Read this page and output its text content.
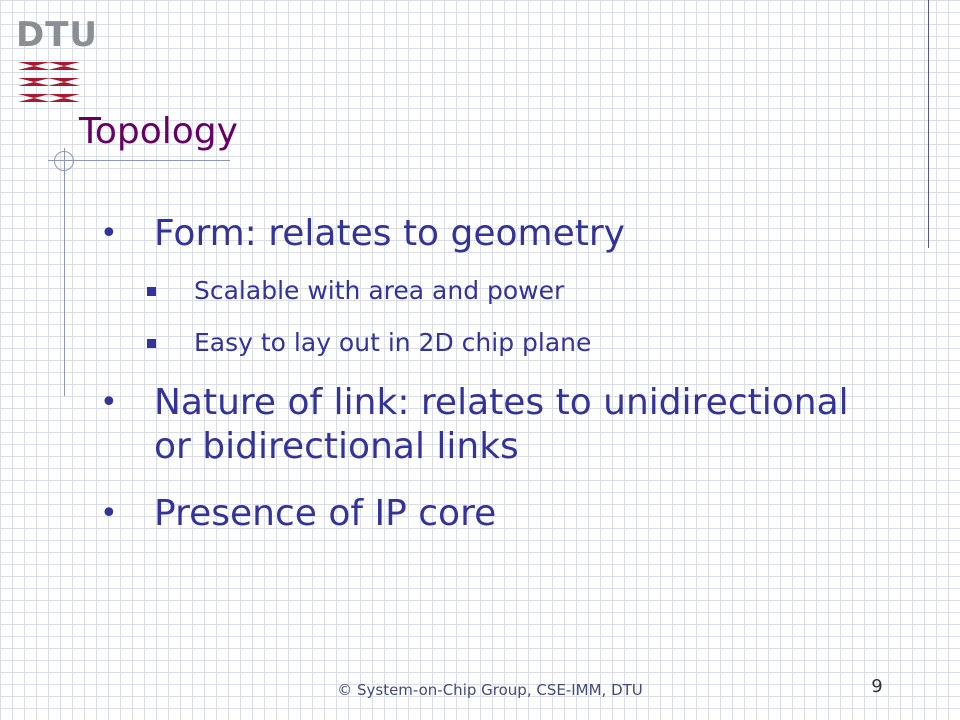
DTU
Topology
•	Form: relates to geometry
Scalable with area and power
Easy to lay out in 2D chip plane
•	Nature of link: relates to unidirectional or bidirectional links
•	Presence of IP core
© System-on-Chip Group, CSE-IMM, DTU	9
